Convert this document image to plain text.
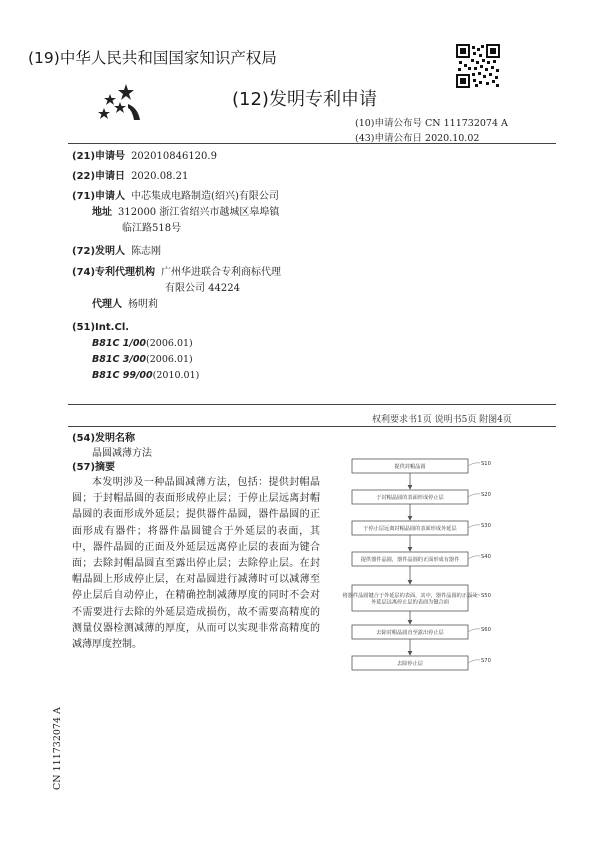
(19)中华人民共和国国家知识产权局
(12)发明专利申请
(10)申请公布号 CN 111732074 A
(43)申请公布日 2020.10.02
(21)申请号 202010846120.9
(22)申请日 2020.08.21
(71)申请人 中芯集成电路制造(绍兴)有限公司
地址 312000 浙江省绍兴市越城区皋埠镇
临江路518号
(72)发明人 陈志刚
(74)专利代理机构 广州华进联合专利商标代理
有限公司 44224
代理人 杨明莉
(51)Int.Cl.
B81C 1/00(2006.01)
B81C 3/00(2006.01)
B81C 99/00(2010.01)
权利要求书1页 说明书5页 附图4页
(54)发明名称
晶圆减薄方法
(57)摘要

本发明涉及一种晶圆减薄方法，包括：提供封帽晶圆；于封帽晶圆的表面形成停止层；于停止层远离封帽晶圆的表面形成外延层；提供器件晶圆，器件晶圆的正面形成有器件；将器件晶圆键合于外延层的表面，其中，器件晶圆的正面及外延层远离停止层的表面为键合面；去除封帽晶圆直至露出停止层；去除停止层。在封帽晶圆上形成停止层，在对晶圆进行减薄时可以减薄至停止层后自动停止，在精确控制减薄厚度的同时不会对不需要进行去除的外延层造成损伤，故不需要高精度的测量仪器检测减薄的厚度，从而可以实现非常高精度的减薄厚度控制。

提供封帽晶圆	S10
于封帽晶圆的表面形成停止层	S20
于停止层远离封帽晶圆的表面形成外延层	S30
提供器件晶圆，器件晶圆的正面形成有器件	S40
将器件晶圆键合于外延层的表面，其中，器件晶圆的正面及
外延层远离停止层的表面为键合面
S50
去除封帽晶圆直至露出停止层	S60
去除停止层	S70
CN 111732074 A
